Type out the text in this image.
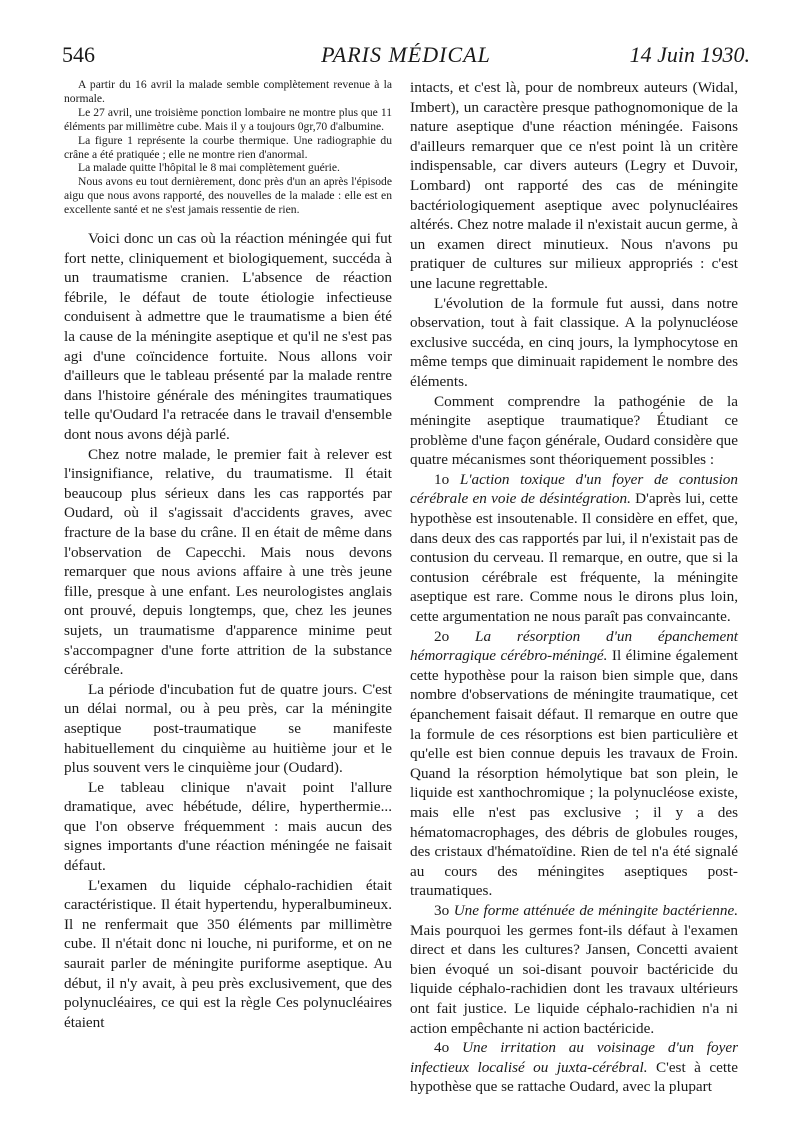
546	PARIS MÉDICAL	14 Juin 1930.

A partir du 16 avril la malade semble complètement revenue à la normale.

Le 27 avril, une troisième ponction lombaire ne montre plus que 11 éléments par millimètre cube. Mais il y a toujours 0gr,70 d'albumine.

La figure 1 représente la courbe thermique. Une radiographie du crâne a été pratiquée ; elle ne montre rien d'anormal.

La malade quitte l'hôpital le 8 mai complètement guérie.

Nous avons eu tout dernièrement, donc près d'un an après l'épisode aigu que nous avons rapporté, des nouvelles de la malade : elle est en excellente santé et ne s'est jamais ressentie de rien.

Voici donc un cas où la réaction méningée qui fut fort nette, cliniquement et biologiquement, succéda à un traumatisme cranien. L'absence de réaction fébrile, le défaut de toute étiologie infectieuse conduisent à admettre que le traumatisme a bien été la cause de la méningite aseptique et qu'il ne s'est pas agi d'une coïncidence fortuite. Nous allons voir d'ailleurs que le tableau présenté par la malade rentre dans l'histoire générale des méningites traumatiques telle qu'Oudard l'a retracée dans le travail d'ensemble dont nous avons déjà parlé.

Chez notre malade, le premier fait à relever est l'insignifiance, relative, du traumatisme. Il était beaucoup plus sérieux dans les cas rapportés par Oudard, où il s'agissait d'accidents graves, avec fracture de la base du crâne. Il en était de même dans l'observation de Capecchi. Mais nous devons remarquer que nous avions affaire à une très jeune fille, presque à une enfant. Les neurologistes anglais ont prouvé, depuis longtemps, que, chez les jeunes sujets, un traumatisme d'apparence minime peut s'accompagner d'une forte attrition de la substance cérébrale.

La période d'incubation fut de quatre jours. C'est un délai normal, ou à peu près, car la méningite aseptique post-traumatique se manifeste habituellement du cinquième au huitième jour et le plus souvent vers le cinquième jour (Oudard).

Le tableau clinique n'avait point l'allure dramatique, avec hébétude, délire, hyperthermie... que l'on observe fréquemment : mais aucun des signes importants d'une réaction méningée ne faisait défaut.

L'examen du liquide céphalo-rachidien était caractéristique. Il était hypertendu, hyperalbumineux. Il ne renfermait que 350 éléments par millimètre cube. Il n'était donc ni louche, ni puriforme, et on ne saurait parler de méningite puriforme aseptique. Au début, il n'y avait, à peu près exclusivement, que des polynucléaires, ce qui est la règle Ces polynucléaires étaient

intacts, et c'est là, pour de nombreux auteurs (Widal, Imbert), un caractère presque pathognomonique de la nature aseptique d'une réaction méningée. Faisons d'ailleurs remarquer que ce n'est point là un critère indispensable, car divers auteurs (Legry et Duvoir, Lombard) ont rapporté des cas de méningite bactériologiquement aseptique avec polynucléaires altérés. Chez notre malade il n'existait aucun germe, à un examen direct minutieux. Nous n'avons pu pratiquer de cultures sur milieux appropriés : c'est une lacune regrettable.

L'évolution de la formule fut aussi, dans notre observation, tout à fait classique. A la polynucléose exclusive succéda, en cinq jours, la lymphocytose en même temps que diminuait rapidement le nombre des éléments.

Comment comprendre la pathogénie de la méningite aseptique traumatique? Étudiant ce problème d'une façon générale, Oudard considère que quatre mécanismes sont théoriquement possibles :

1o L'action toxique d'un foyer de contusion cérébrale en voie de désintégration. D'après lui, cette hypothèse est insoutenable. Il considère en effet, que, dans deux des cas rapportés par lui, il n'existait pas de contusion du cerveau. Il remarque, en outre, que si la contusion cérébrale est fréquente, la méningite aseptique est rare. Comme nous le dirons plus loin, cette argumentation ne nous paraît pas convaincante.

2o La résorption d'un épanchement hémorragique cérébro-méningé. Il élimine également cette hypothèse pour la raison bien simple que, dans nombre d'observations de méningite traumatique, cet épanchement faisait défaut. Il remarque en outre que la formule de ces résorptions est bien particulière et qu'elle est bien connue depuis les travaux de Froin. Quand la résorption hémolytique bat son plein, le liquide est xanthochromique ; la polynucléose existe, mais elle n'est pas exclusive ; il y a des hématomacrophages, des débris de globules rouges, des cristaux d'hématoïdine. Rien de tel n'a été signalé au cours des méningites aseptiques post-traumatiques.

3o Une forme atténuée de méningite bactérienne. Mais pourquoi les germes font-ils défaut à l'examen direct et dans les cultures? Jansen, Concetti avaient bien évoqué un soi-disant pouvoir bactéricide du liquide céphalo-rachidien dont les travaux ultérieurs ont fait justice. Le liquide céphalo-rachidien n'a ni action empêchante ni action bactéricide.

4o Une irritation au voisinage d'un foyer infectieux localisé ou juxta-cérébral. C'est à cette hypothèse que se rattache Oudard, avec la plupart
